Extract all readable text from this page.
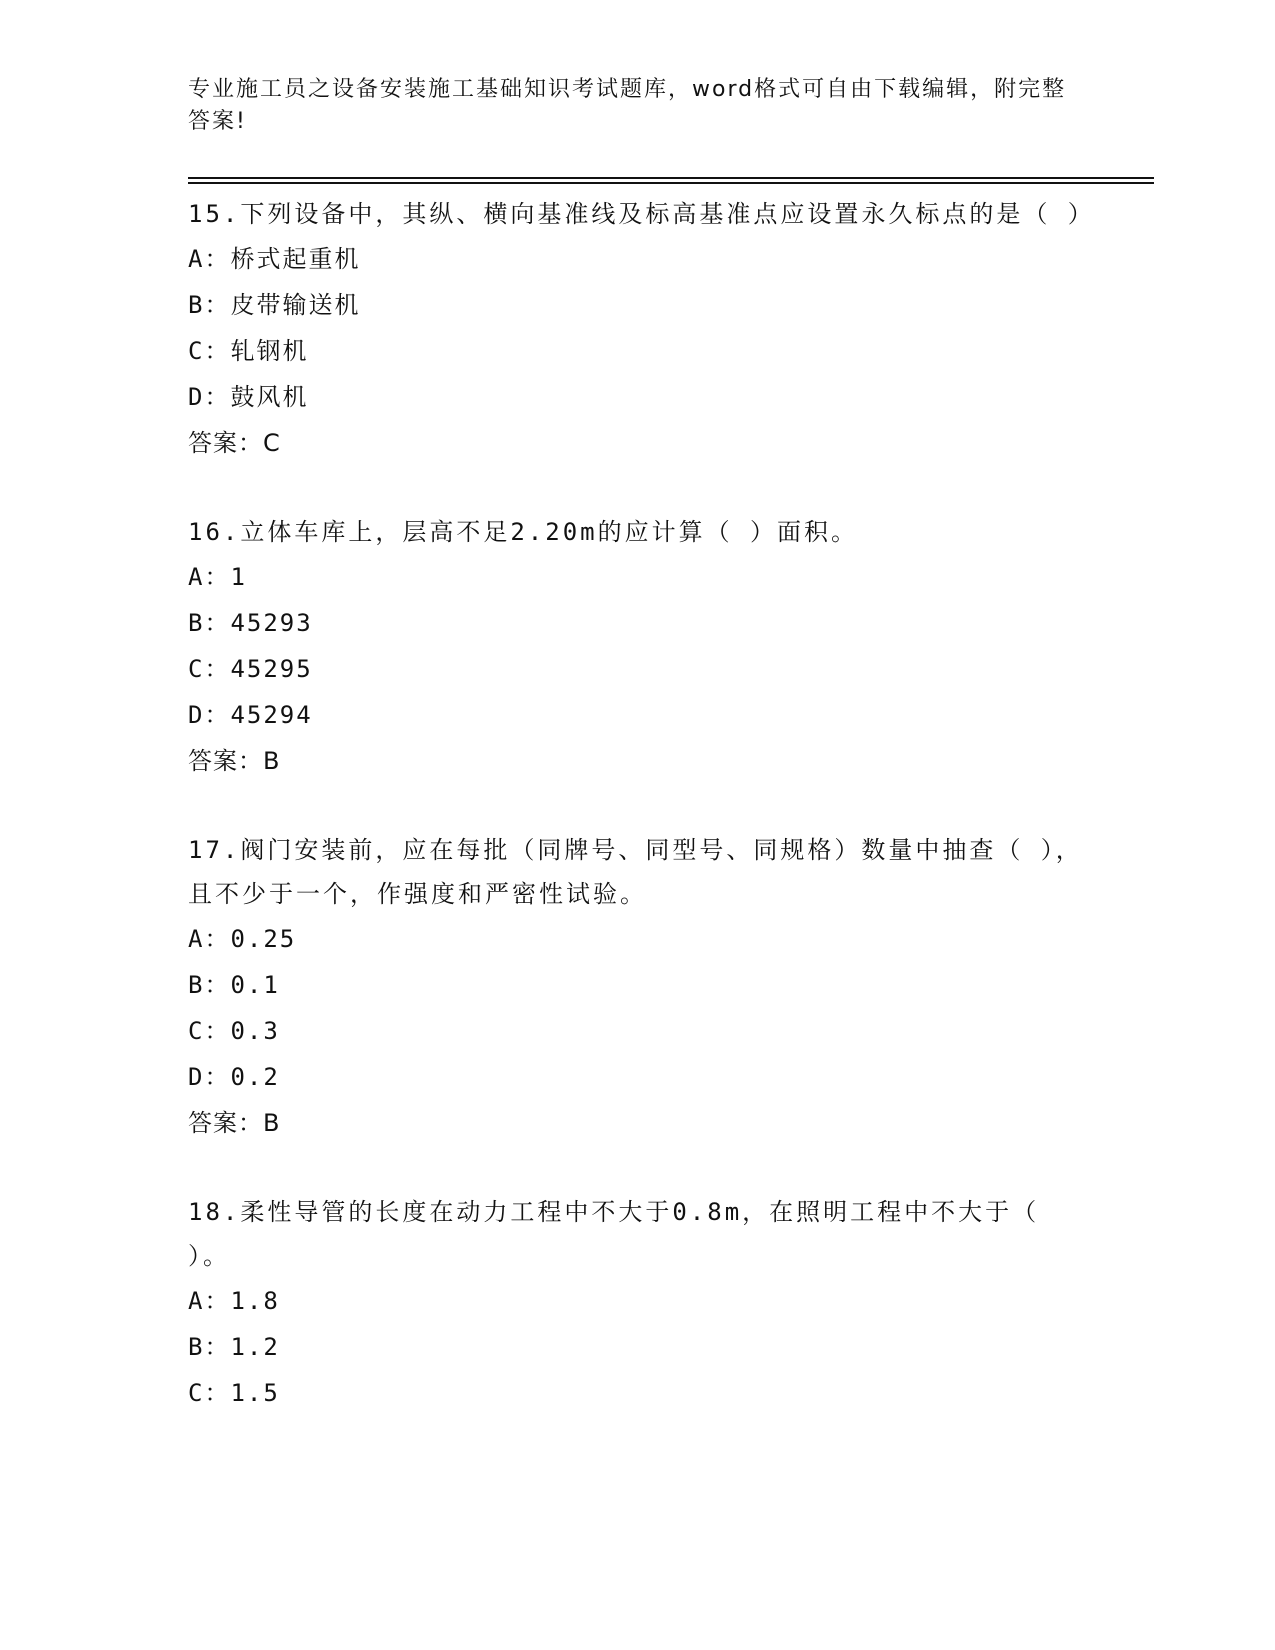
专业施工员之设备安装施工基础知识考试题库，word格式可自由下载编辑，附完整答案!

15.下列设备中，其纵、横向基准线及标高基准点应设置永久标点的是（ ）

A ： 桥式起重机
B ： 皮带输送机
C ： 轧钢机
D ： 鼓风机

答案：C

16.立体车库上，层高不足2.20m的应计算（ ）面积。

A ： 1
B ： 45293
C ： 45295
D ： 45294

答案：B

17.阀门安装前，应在每批（同牌号、同型号、同规格）数量中抽查（ ），且不少于一个，作强度和严密性试验。

A ： 0.25
B ： 0.1
C ： 0.3
D ： 0.2

答案：B

18.柔性导管的长度在动力工程中不大于0.8m，在照明工程中不大于（ ）。

A ： 1.8
B ： 1.2
C ： 1.5
